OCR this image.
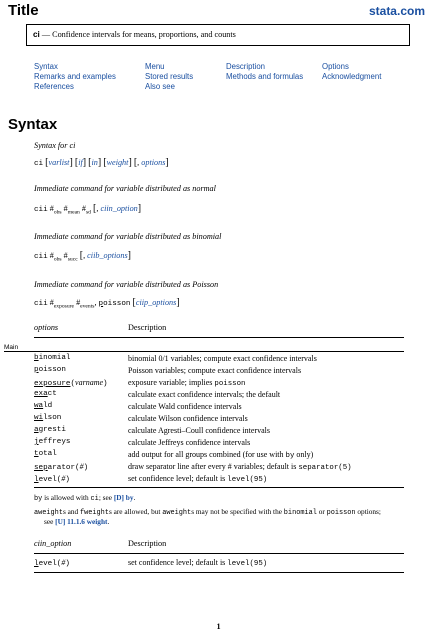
Title	stata.com
ci — Confidence intervals for means, proportions, and counts
Syntax
Remarks and examples
References
Menu
Stored results
Also see
Description
Methods and formulas
Options
Acknowledgment
Syntax
Syntax for ci
ci [varlist] [if] [in] [weight] [, options]
Immediate command for variable distributed as normal
cii $\#_{obs}$ $\#_{mean}$ $\#_{sd}$ [, ciin_option]
Immediate command for variable distributed as binomial
cii $\#_{obs}$ $\#_{succ}$ [, ciib_options]
Immediate command for variable distributed as Poisson
cii $\#_{exposure}$ $\#_{events}$, poisson [ciip_options]
options	Description
Main
binomial	binomial 0/1 variables; compute exact confidence intervals
poisson	Poisson variables; compute exact confidence intervals
exposure(varname)	exposure variable; implies poisson
exact	calculate exact confidence intervals; the default
wald	calculate Wald confidence intervals
wilson	calculate Wilson confidence intervals
agresti	calculate Agresti–Coull confidence intervals
jeffreys	calculate Jeffreys confidence intervals
total	add output for all groups combined (for use with by only)
separator(#)	draw separator line after every # variables; default is separator(5)
level(#)	set confidence level; default is level(95)
by is allowed with ci; see [D] by.
aweights and fweights are allowed, but aweights may not be specified with the binomial or poisson options;
see [U] 11.1.6 weight.
ciin_option	Description
level(#)	set confidence level; default is level(95)
1
